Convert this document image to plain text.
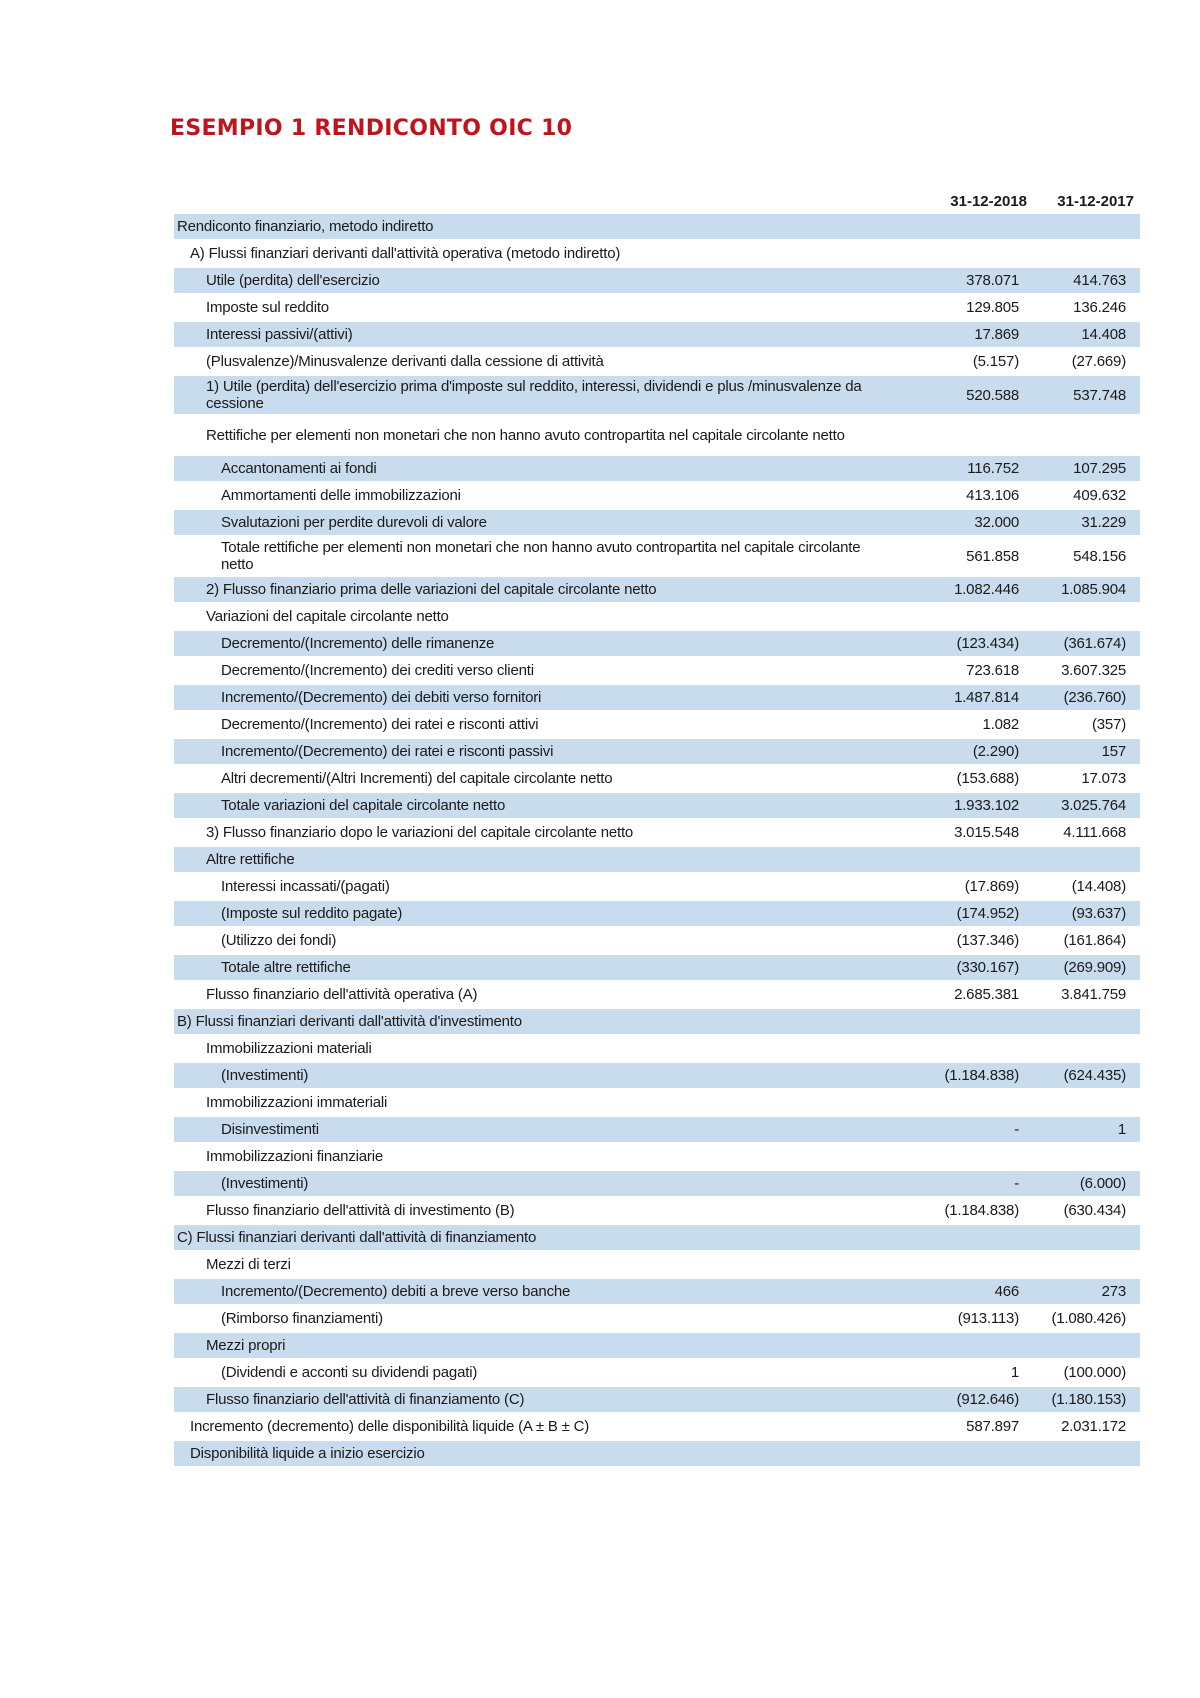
ESEMPIO 1 RENDICONTO OIC 10
31-12-2018	31-12-2017
Rendiconto finanziario, metodo indiretto
A) Flussi finanziari derivanti dall'attività operativa (metodo indiretto)
Utile (perdita) dell'esercizio	378.071	414.763
Imposte sul reddito	129.805	136.246
Interessi passivi/(attivi)	17.869	14.408
(Plusvalenze)/Minusvalenze derivanti dalla cessione di attività	(5.157)	(27.669)
1) Utile (perdita) dell'esercizio prima d'imposte sul reddito, interessi, dividendi e plus /minusvalenze da cessione	520.588	537.748
Rettifiche per elementi non monetari che non hanno avuto contropartita nel capitale circolante netto
Accantonamenti ai fondi	116.752	107.295
Ammortamenti delle immobilizzazioni	413.106	409.632
Svalutazioni per perdite durevoli di valore	32.000	31.229
Totale rettifiche per elementi non monetari che non hanno avuto contropartita nel capitale circolante netto	561.858	548.156
2) Flusso finanziario prima delle variazioni del capitale circolante netto	1.082.446	1.085.904
Variazioni del capitale circolante netto
Decremento/(Incremento) delle rimanenze	(123.434)	(361.674)
Decremento/(Incremento) dei crediti verso clienti	723.618	3.607.325
Incremento/(Decremento) dei debiti verso fornitori	1.487.814	(236.760)
Decremento/(Incremento) dei ratei e risconti attivi	1.082	(357)
Incremento/(Decremento) dei ratei e risconti passivi	(2.290)	157
Altri decrementi/(Altri Incrementi) del capitale circolante netto	(153.688)	17.073
Totale variazioni del capitale circolante netto	1.933.102	3.025.764
3) Flusso finanziario dopo le variazioni del capitale circolante netto	3.015.548	4.111.668
Altre rettifiche
Interessi incassati/(pagati)	(17.869)	(14.408)
(Imposte sul reddito pagate)	(174.952)	(93.637)
(Utilizzo dei fondi)	(137.346)	(161.864)
Totale altre rettifiche	(330.167)	(269.909)
Flusso finanziario dell'attività operativa (A)	2.685.381	3.841.759
B) Flussi finanziari derivanti dall'attività d'investimento
Immobilizzazioni materiali
(Investimenti)	(1.184.838)	(624.435)
Immobilizzazioni immateriali
Disinvestimenti	-	1
Immobilizzazioni finanziarie
(Investimenti)	-	(6.000)
Flusso finanziario dell'attività di investimento (B)	(1.184.838)	(630.434)
C) Flussi finanziari derivanti dall'attività di finanziamento
Mezzi di terzi
Incremento/(Decremento) debiti a breve verso banche	466	273
(Rimborso finanziamenti)	(913.113)	(1.080.426)
Mezzi propri
(Dividendi e acconti su dividendi pagati)	1	(100.000)
Flusso finanziario dell'attività di finanziamento (C)	(912.646)	(1.180.153)
Incremento (decremento) delle disponibilità liquide (A ± B ± C)	587.897	2.031.172
Disponibilità liquide a inizio esercizio
